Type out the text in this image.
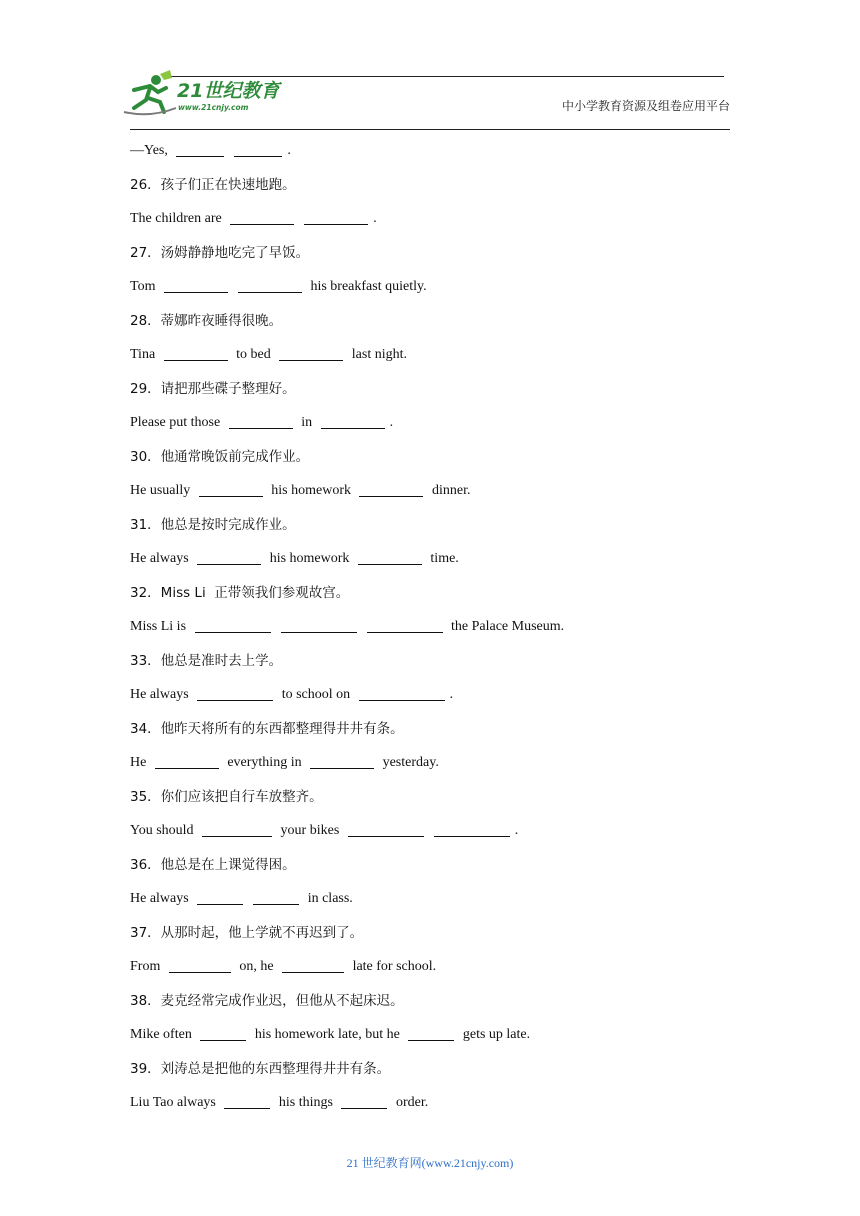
21世纪教育
www.21cnjy.com	中小学教育资源及组卷应用平台
—Yes,	.
26．孩子们正在快速地跑。
The children are	.
27．汤姆静静地吃完了早饭。
Tom	his breakfast quietly.
28．蒂娜昨夜睡得很晚。
Tina	to bed	last night.
29．请把那些碟子整理好。
Please put those	in	.
30．他通常晚饭前完成作业。
He usually	his homework	dinner.
31．他总是按时完成作业。
He always	his homework	time.
32．Miss Li  正带领我们参观故宫。
Miss Li is	the Palace Museum.
33．他总是准时去上学。
He always	to school on	.
34．他昨天将所有的东西都整理得井井有条。
He	everything in	yesterday.
35．你们应该把自行车放整齐。
You should	your bikes	.
36．他总是在上课觉得困。
He always	in class.
37．从那时起，他上学就不再迟到了。
From	on, he	late for school.
38．麦克经常完成作业迟，但他从不起床迟。
Mike often	his homework late, but he	gets up late.
39．刘涛总是把他的东西整理得井井有条。
Liu Tao always	his things	order.
21 世纪教育网(www.21cnjy.com)
